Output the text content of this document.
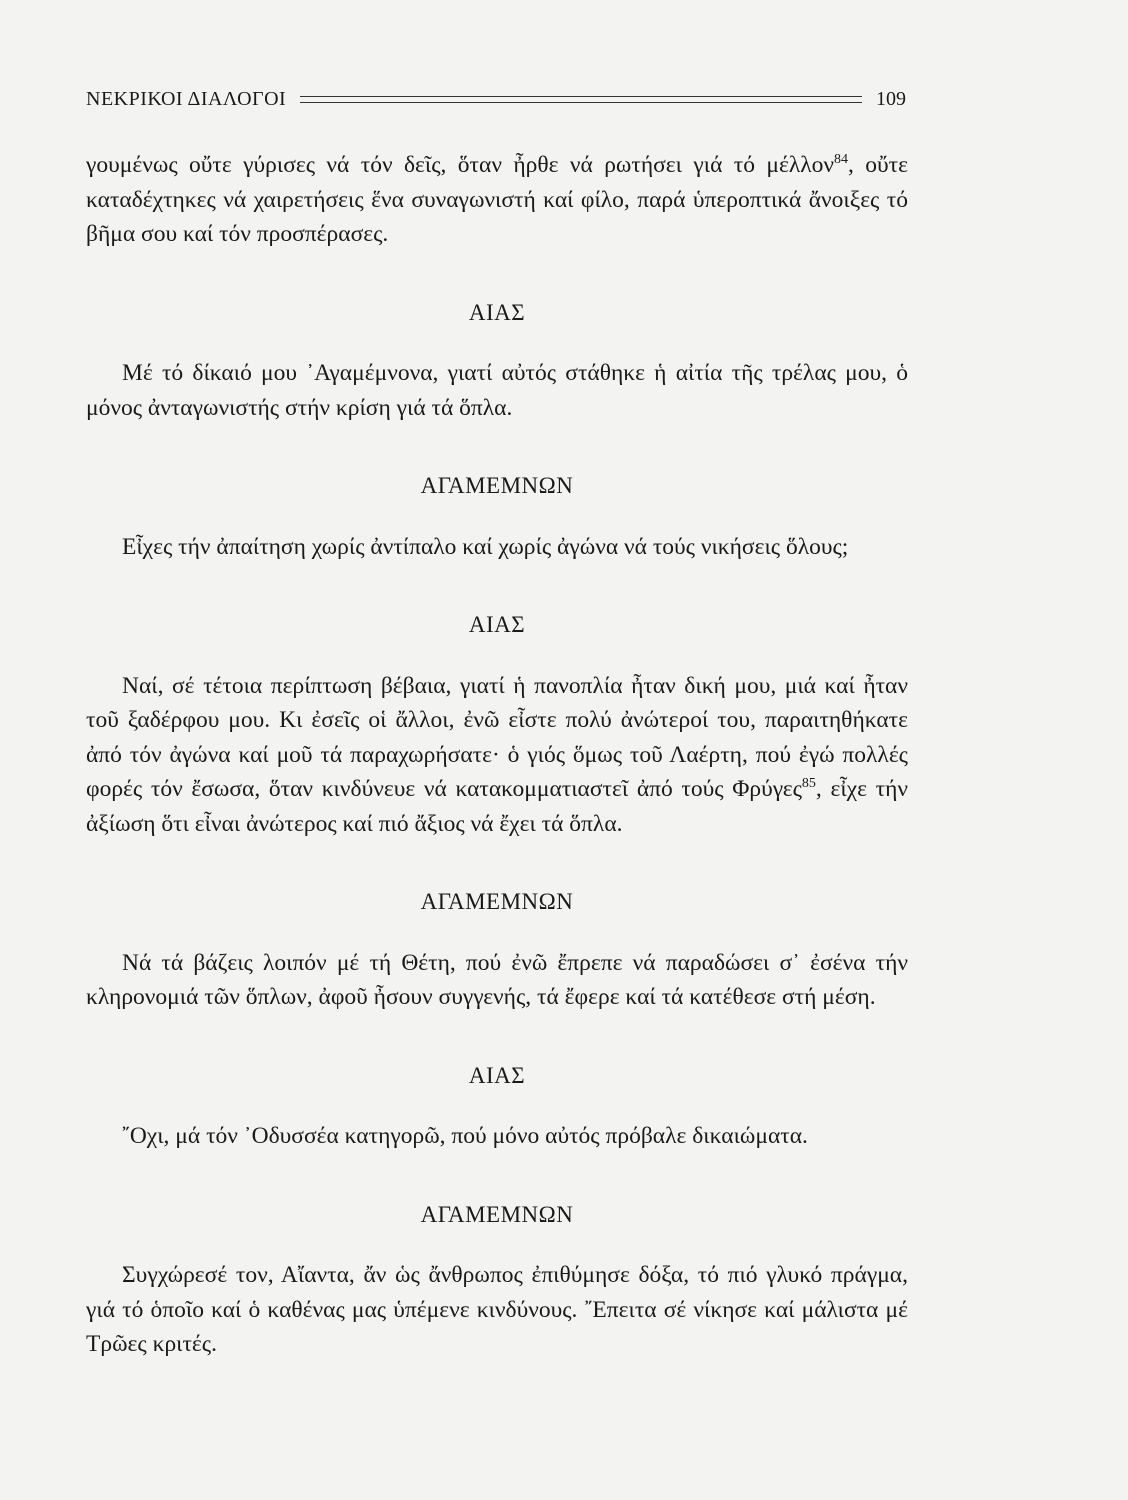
ΝΕΚΡΙΚΟΙ ΔΙΑΛΟΓΟΙ	109

γουμένως οὔτε γύρισες νά τόν δεῖς, ὅταν ἦρθε νά ρωτήσει γιά τό μέλλον$^{84}$, οὔτε καταδέχτηκες νά χαιρετήσεις ἕνα συναγωνιστή καί φίλο, παρά ὑπεροπτικά ἄνοιξες τό βῆμα σου καί τόν προσπέρασες.

ΑΙΑΣ

Μέ τό δίκαιό μου ᾿Αγαμέμνονα, γιατί αὐτός στάθηκε ἡ αἰτία τῆς τρέλας μου, ὁ μόνος ἀνταγωνιστής στήν κρίση γιά τά ὅπλα.

ΑΓΑΜΕΜΝΩΝ

Εἶχες τήν ἀπαίτηση χωρίς ἀντίπαλο καί χωρίς ἀγώνα νά τούς νικήσεις ὅλους;

ΑΙΑΣ

Ναί, σέ τέτοια περίπτωση βέβαια, γιατί ἡ πανοπλία ἦταν δική μου, μιά καί ἦταν τοῦ ξαδέρφου μου. Κι ἐσεῖς οἱ ἄλλοι, ἐνῶ εἶστε πολύ ἀνώτεροί του, παραιτηθήκατε ἀπό τόν ἀγώνα καί μοῦ τά παραχωρήσατε· ὁ γιός ὅμως τοῦ Λαέρτη, πού ἐγώ πολλές φορές τόν ἔσωσα, ὅταν κινδύνευε νά κατακομματιαστεῖ ἀπό τούς Φρύγες$^{85}$, εἶχε τήν ἀξίωση ὅτι εἶναι ἀνώτερος καί πιό ἄξιος νά ἔχει τά ὅπλα.

ΑΓΑΜΕΜΝΩΝ

Νά τά βάζεις λοιπόν μέ τή Θέτη, πού ἐνῶ ἔπρεπε νά παραδώσει σ᾿ ἐσένα τήν κληρονομιά τῶν ὅπλων, ἀφοῦ ἦσουν συγγενής, τά ἔφερε καί τά κατέθεσε στή μέση.

ΑΙΑΣ

῎Οχι, μά τόν ᾿Οδυσσέα κατηγορῶ, πού μόνο αὐτός πρόβαλε δικαιώματα.

ΑΓΑΜΕΜΝΩΝ

Συγχώρεσέ τον, Αἴαντα, ἄν ὡς ἄνθρωπος ἐπιθύμησε δόξα, τό πιό γλυκό πράγμα, γιά τό ὁποῖο καί ὁ καθένας μας ὑπέμενε κινδύνους. ῎Επειτα σέ νίκησε καί μάλιστα μέ Τρῶες κριτές.
